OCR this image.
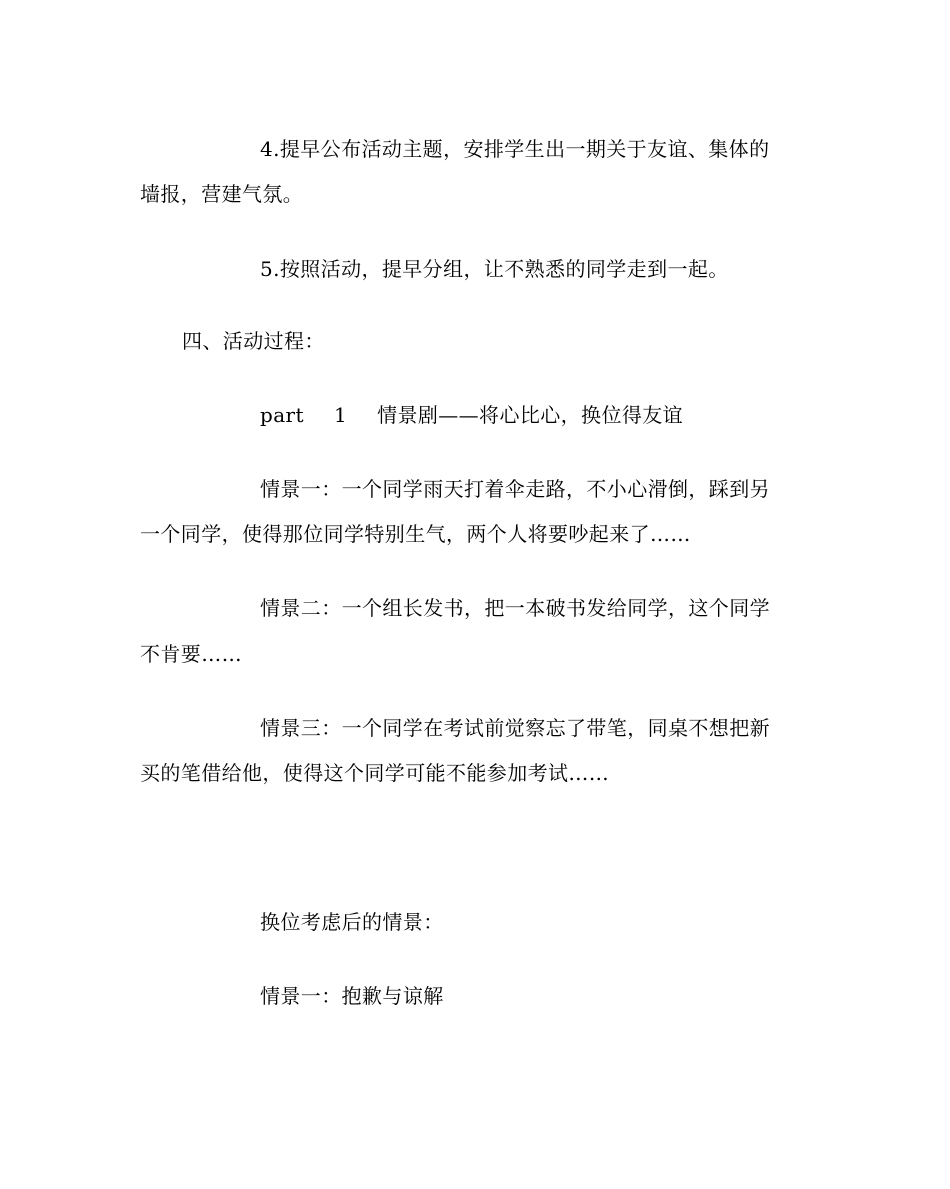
4.提早公布活动主题，安排学生出一期关于友谊、集体的
墙报，营建气氛。
5.按照活动，提早分组，让不熟悉的同学走到一起。
四、活动过程：
part 1 情景剧——将心比心，换位得友谊
情景一：一个同学雨天打着伞走路，不小心滑倒，踩到另
一个同学，使得那位同学特别生气，两个人将要吵起来了……
情景二：一个组长发书，把一本破书发给同学，这个同学
不肯要……
情景三：一个同学在考试前觉察忘了带笔，同桌不想把新
买的笔借给他，使得这个同学可能不能参加考试……
换位考虑后的情景：
情景一：抱歉与谅解
